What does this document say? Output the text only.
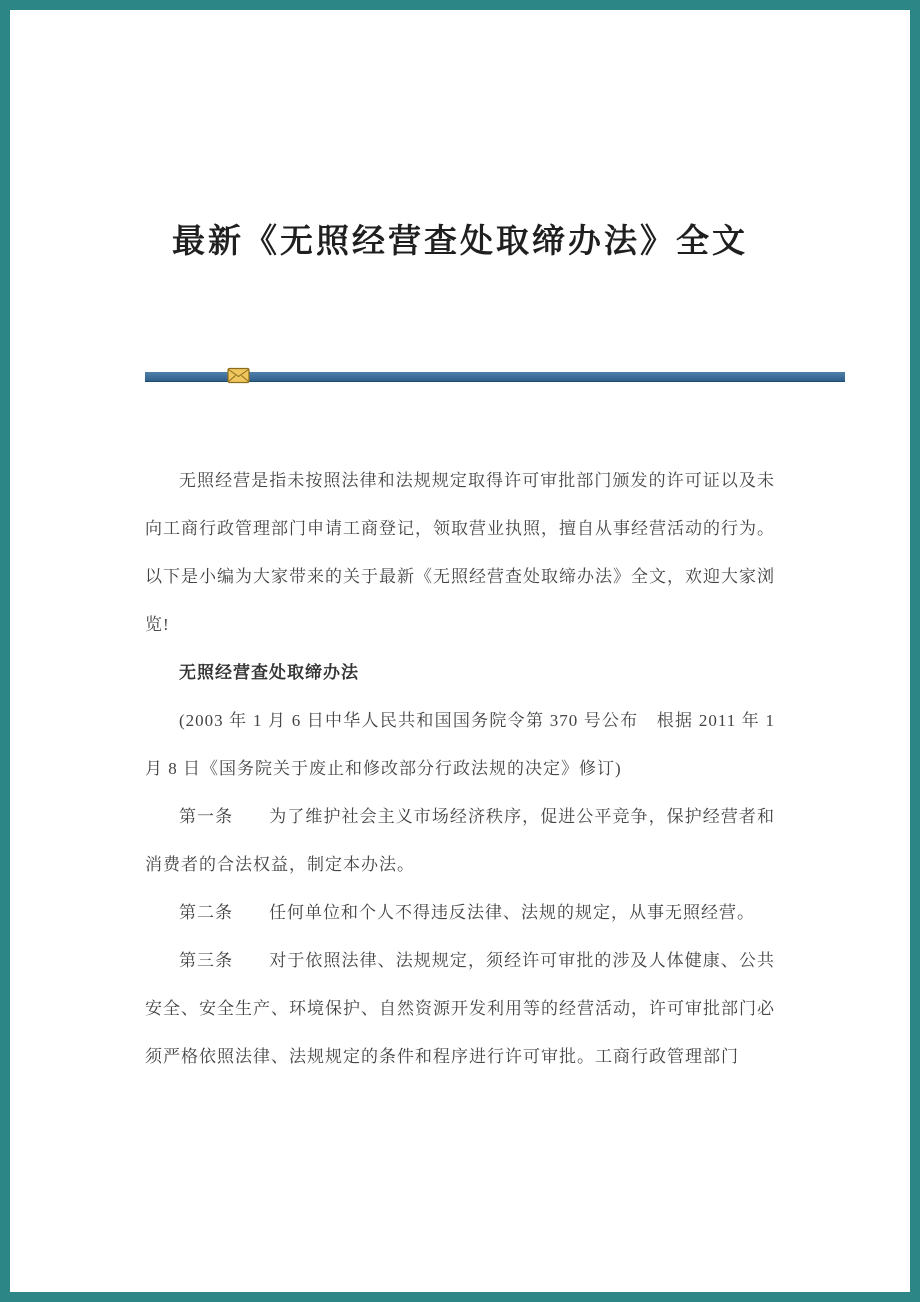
最新《无照经营查处取缔办法》全文

无照经营是指未按照法律和法规规定取得许可审批部门颁发的许可证以及未向工商行政管理部门申请工商登记，领取营业执照，擅自从事经营活动的行为。以下是小编为大家带来的关于最新《无照经营查处取缔办法》全文，欢迎大家浏览!

无照经营查处取缔办法

(2003 年 1 月 6 日中华人民共和国国务院令第 370 号公布　根据 2011 年 1 月 8 日《国务院关于废止和修改部分行政法规的决定》修订)

第一条　　为了维护社会主义市场经济秩序，促进公平竞争，保护经营者和消费者的合法权益，制定本办法。

第二条　　任何单位和个人不得违反法律、法规的规定，从事无照经营。

第三条　　对于依照法律、法规规定，须经许可审批的涉及人体健康、公共安全、安全生产、环境保护、自然资源开发利用等的经营活动，许可审批部门必须严格依照法律、法规规定的条件和程序进行许可审批。工商行政管理部门
